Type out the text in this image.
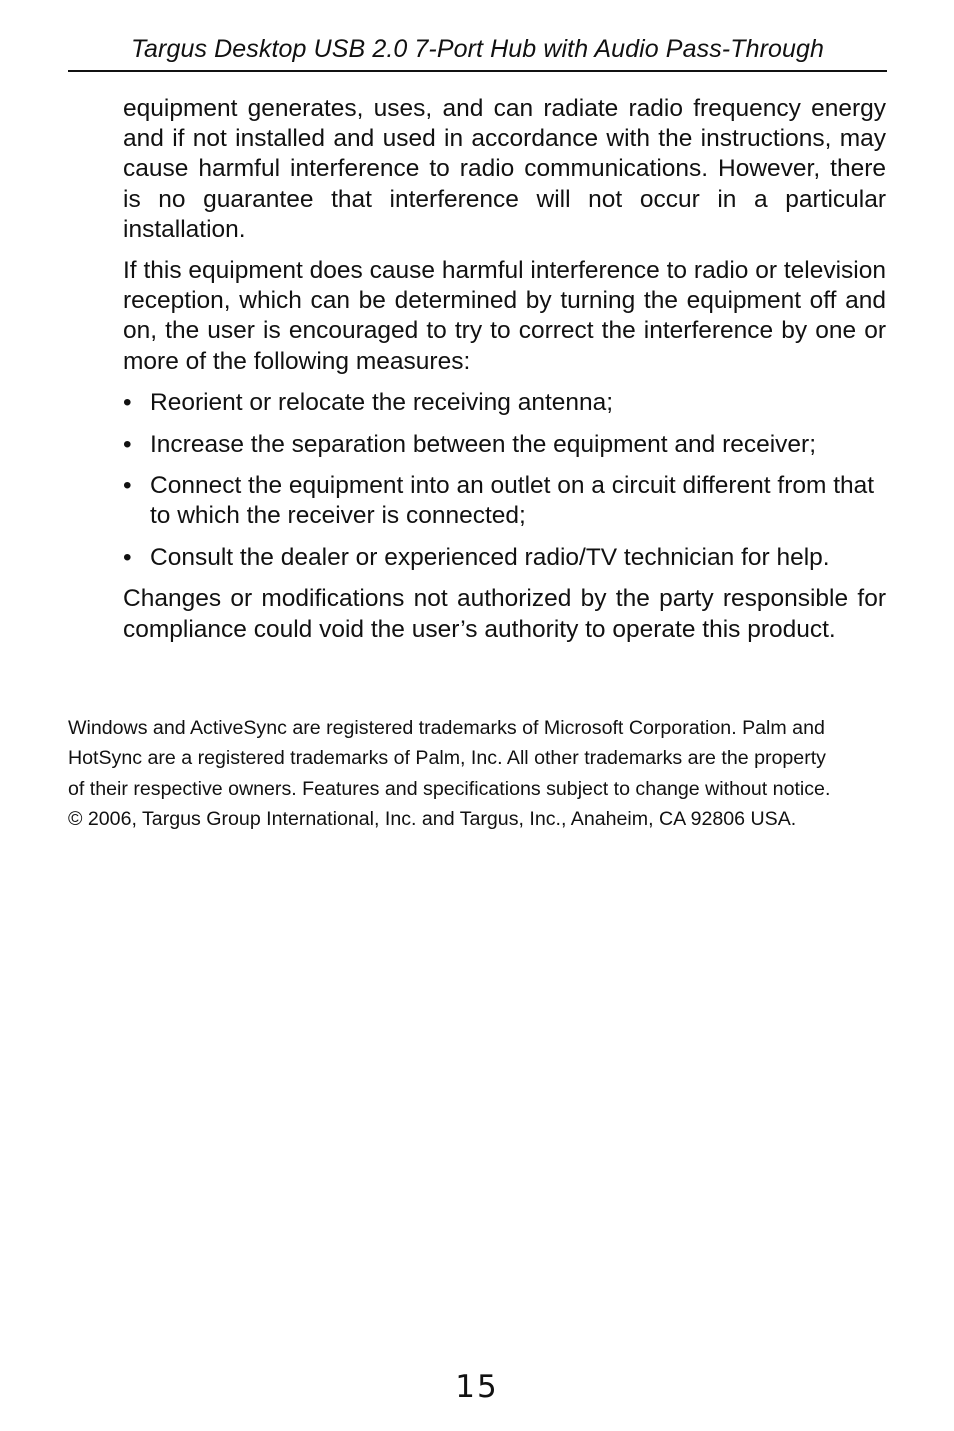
Targus Desktop USB 2.0 7-Port Hub with Audio Pass-Through

equipment generates, uses, and can radiate radio frequency energy and if not installed and used in accordance with the instructions, may cause harmful interference to radio communications. However, there is no guarantee that interference will not occur in a particular installation.

If this equipment does cause harmful interference to radio or television reception, which can be determined by turning the equipment off and on, the user is encouraged to try to correct the interference by one or more of the following measures:

• Reorient or relocate the receiving antenna;
• Increase the separation between the equipment and receiver;
• Connect the equipment into an outlet on a circuit different from that to which the receiver is connected;
• Consult the dealer or experienced radio/TV technician for help.

Changes or modifications not authorized by the party responsible for compliance could void the user’s authority to operate this product.

Windows and ActiveSync are registered trademarks of Microsoft Corporation. Palm and

HotSync are a registered trademarks of Palm, Inc. All other trademarks are the property

of their respective owners. Features and specifications subject to change without notice.

© 2006, Targus Group International, Inc. and Targus, Inc., Anaheim, CA 92806 USA.

15
